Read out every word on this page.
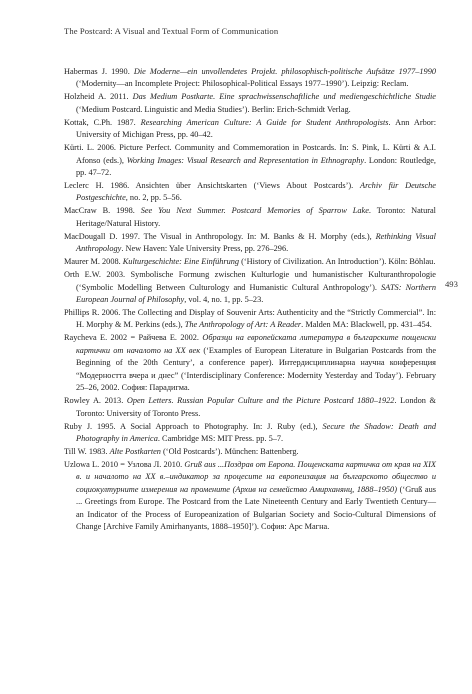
The Postcard: A Visual and Textual Form of Communication

Habermas J. 1990. Die Moderne—ein unvollendetes Projekt. philosophisch-politische Aufsätze 1977–1990 (‘Modernity—an Incomplete Project: Philosophical-Political Essays 1977–1990’). Leipzig: Reclam.

Holzheid A. 2011. Das Medium Postkarte. Eine sprachwissenschaftliche und mediengeschichtliche Studie (‘Medium Postcard. Linguistic and Media Studies’). Berlin: Erich-Schmidt Verlag.

Kottak, C.Ph. 1987. Researching American Culture: A Guide for Student Anthropologists. Ann Arbor: University of Michigan Press, pp. 40–42.

Kürti. L. 2006. Picture Perfect. Community and Commemoration in Postcards. In: S. Pink, L. Kürti & A.I. Afonso (eds.), Working Images: Visual Research and Representation in Ethnography. London: Routledge, pp. 47–72.

Leclerc H. 1986. Ansichten über Ansichtskarten (‘Views About Postcards’). Archiv für Deutsche Postgeschichte, no. 2, pp. 5–56.

MacCraw B. 1998. See You Next Summer. Postcard Memories of Sparrow Lake. Toronto: Natural Heritage/Natural History.

MacDougall D. 1997. The Visual in Anthropology. In: M. Banks & H. Morphy (eds.), Rethinking Visual Anthropology. New Haven: Yale University Press, pp. 276–296.

Maurer M. 2008. Kulturgeschichte: Eine Einführung (‘History of Civilization. An Introduction’). Köln: Böhlau.

Orth E.W. 2003. Symbolische Formung zwischen Kulturlogie und humanistischer Kulturanthropologie (‘Symbolic Modelling Between Culturology and Humanistic Cultural Anthropology’). SATS: Northern European Journal of Philosophy, vol. 4, no. 1, pp. 5–23.

Phillips R. 2006. The Collecting and Display of Souvenir Arts: Authenticity and the “Strictly Commercial”. In: H. Morphy & M. Perkins (eds.), The Anthropology of Art: A Reader. Malden MA: Blackwell, pp. 431–454.

Raycheva E. 2002 = Райчева Е. 2002. Образци на европейската литература в българските пощенски картички от началото на XX век (‘Examples of European Literature in Bulgarian Postcards from the Beginning of the 20th Century’, a conference paper). Интердисциплинарна научна конференция “Модерността вчера и днес” (‘Interdisciplinary Conference: Modernity Yesterday and Today’). February 25–26, 2002. София: Парадигма.

Rowley A. 2013. Open Letters. Russian Popular Culture and the Picture Postcard 1880–1922. London & Toronto: University of Toronto Press.

Ruby J. 1995. A Social Approach to Photography. In: J. Ruby (ed.), Secure the Shadow: Death and Photography in America. Cambridge MS: MIT Press. pp. 5–7.

Till W. 1983. Alte Postkarten (‘Old Postcards’). München: Battenberg.

Uzlowa L. 2010 = Узлова Л. 2010. Gruß aus ...Поздрав от Европа. Пощенската картичка от края на XIX в. и началото на XX в.–индикатор за процесите на европеизация на българското общество и социокултурните измерения на промените (Архив на семейство Амирханянц, 1888–1950) (‘Gruß aus ... Greetings from Europe. The Postcard from the Late Nineteenth Century and Early Twentieth Century—an Indicator of the Process of Europeanization of Bulgarian Society and Socio-Cultural Dimensions of Change [Archive Family Amirhanyants, 1888–1950]’). София: Арс Магна.

493
